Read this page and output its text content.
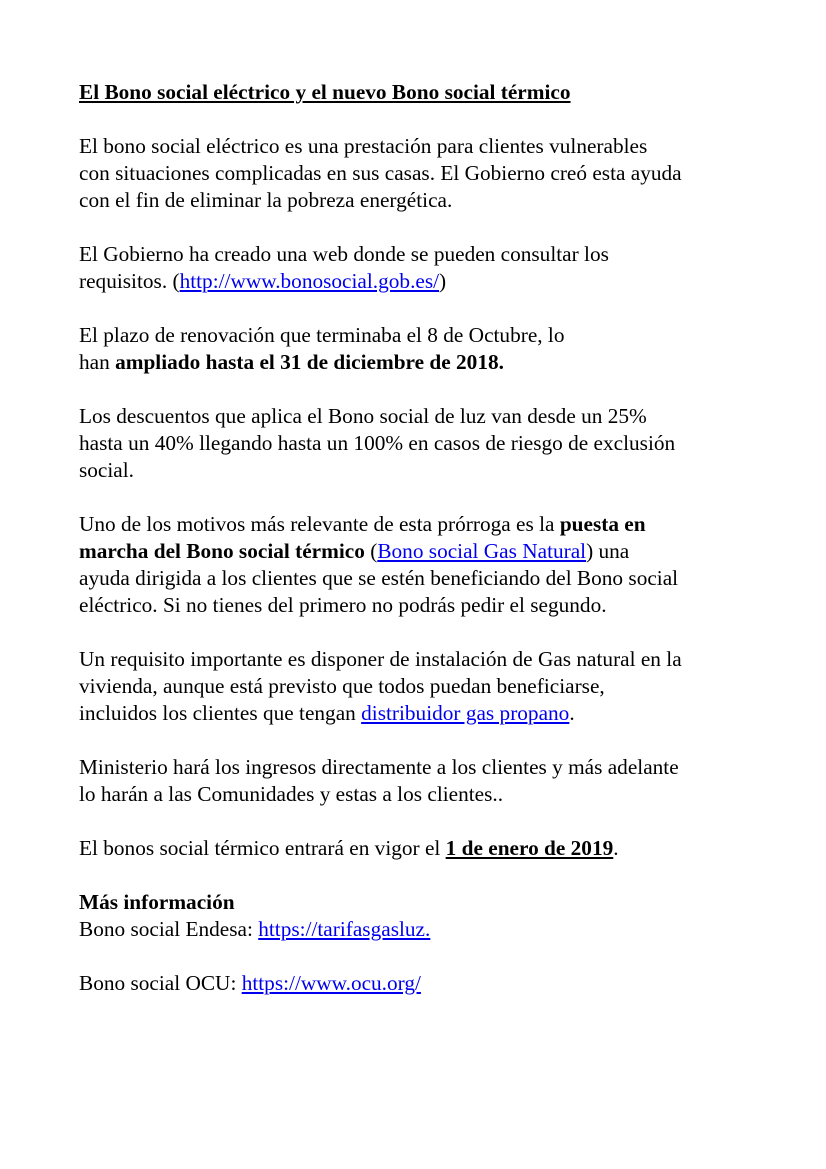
El Bono social eléctrico y el nuevo Bono social térmico
El bono social eléctrico es una prestación para clientes vulnerables
con situaciones complicadas en sus casas. El Gobierno creó esta ayuda
con el fin de eliminar la pobreza energética.
El Gobierno ha creado una web donde se pueden consultar los
requisitos. (http://www.bonosocial.gob.es/)
El plazo de renovación que terminaba el 8 de Octubre, lo
han ampliado hasta el 31 de diciembre de 2018.
Los descuentos que aplica el Bono social de luz van desde un 25%
hasta un 40% llegando hasta un 100% en casos de riesgo de exclusión
social.
Uno de los motivos más relevante de esta prórroga es la puesta en
marcha del Bono social térmico (Bono social Gas Natural) una
ayuda dirigida a los clientes que se estén beneficiando del Bono social
eléctrico. Si no tienes del primero no podrás pedir el segundo.
Un requisito importante es disponer de instalación de Gas natural en la
vivienda, aunque está previsto que todos puedan beneficiarse,
incluidos los clientes que tengan distribuidor gas propano.
Ministerio hará los ingresos directamente a los clientes y más adelante
lo harán a las Comunidades y estas a los clientes..
El bonos social térmico entrará en vigor el 1 de enero de 2019.
Más información
Bono social Endesa: https://tarifasgasluz.
Bono social OCU: https://www.ocu.org/
